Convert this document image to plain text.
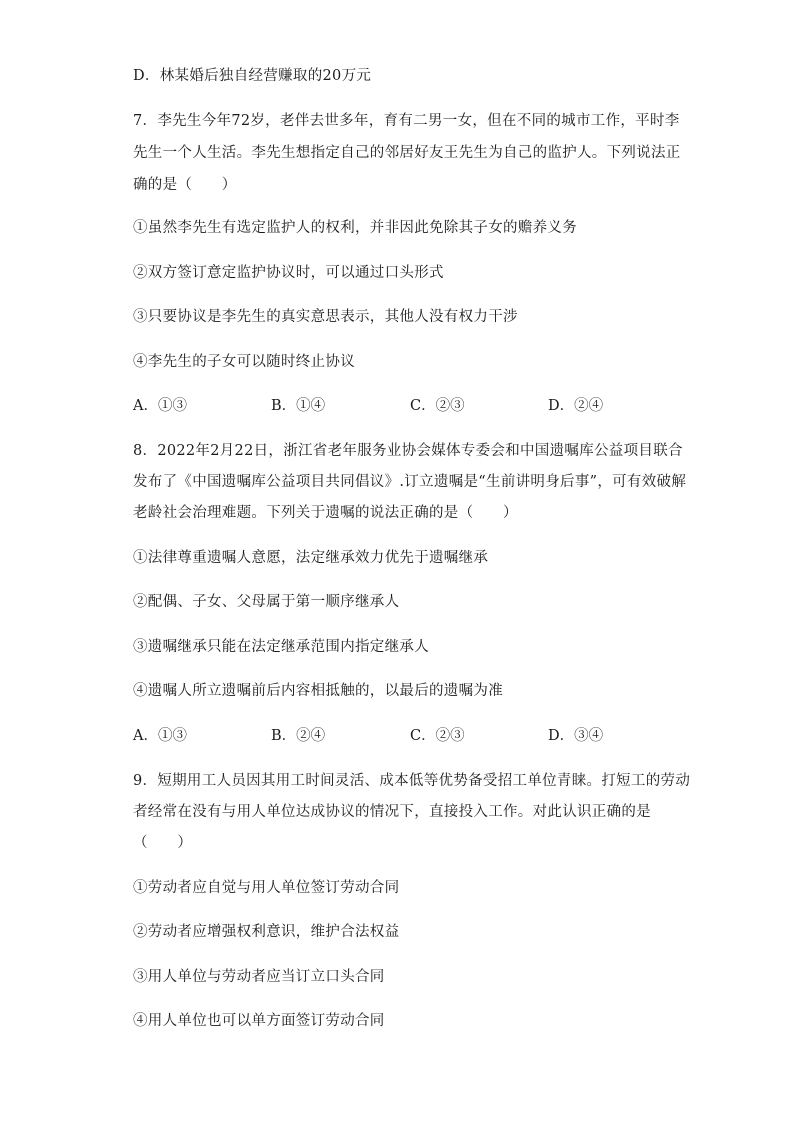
D．林某婚后独自经营赚取的20万元
7．李先生今年72岁，老伴去世多年，育有二男一女，但在不同的城市工作，平时李
先生一个人生活。李先生想指定自己的邻居好友王先生为自己的监护人。下列说法正
确的是（　　）
①虽然李先生有选定监护人的权利，并非因此免除其子女的赡养义务
②双方签订意定监护协议时，可以通过口头形式
③只要协议是李先生的真实意思表示，其他人没有权力干涉
④李先生的子女可以随时终止协议
A．①③	B．①④	C．②③	D．②④
8．2022年2月22日，浙江省老年服务业协会媒体专委会和中国遗嘱库公益项目联合
发布了《中国遗嘱库公益项目共同倡议》.订立遗嘱是“生前讲明身后事”，可有效破解
老龄社会治理难题。下列关于遗嘱的说法正确的是（　　）
①法律尊重遗嘱人意愿，法定继承效力优先于遗嘱继承
②配偶、子女、父母属于第一顺序继承人
③遗嘱继承只能在法定继承范围内指定继承人
④遗嘱人所立遗嘱前后内容相抵触的，以最后的遗嘱为准
A．①③	B．②④	C．②③	D．③④
9．短期用工人员因其用工时间灵活、成本低等优势备受招工单位青睐。打短工的劳动
者经常在没有与用人单位达成协议的情况下，直接投入工作。对此认识正确的是
（　　）
①劳动者应自觉与用人单位签订劳动合同
②劳动者应增强权利意识，维护合法权益
③用人单位与劳动者应当订立口头合同
④用人单位也可以单方面签订劳动合同
